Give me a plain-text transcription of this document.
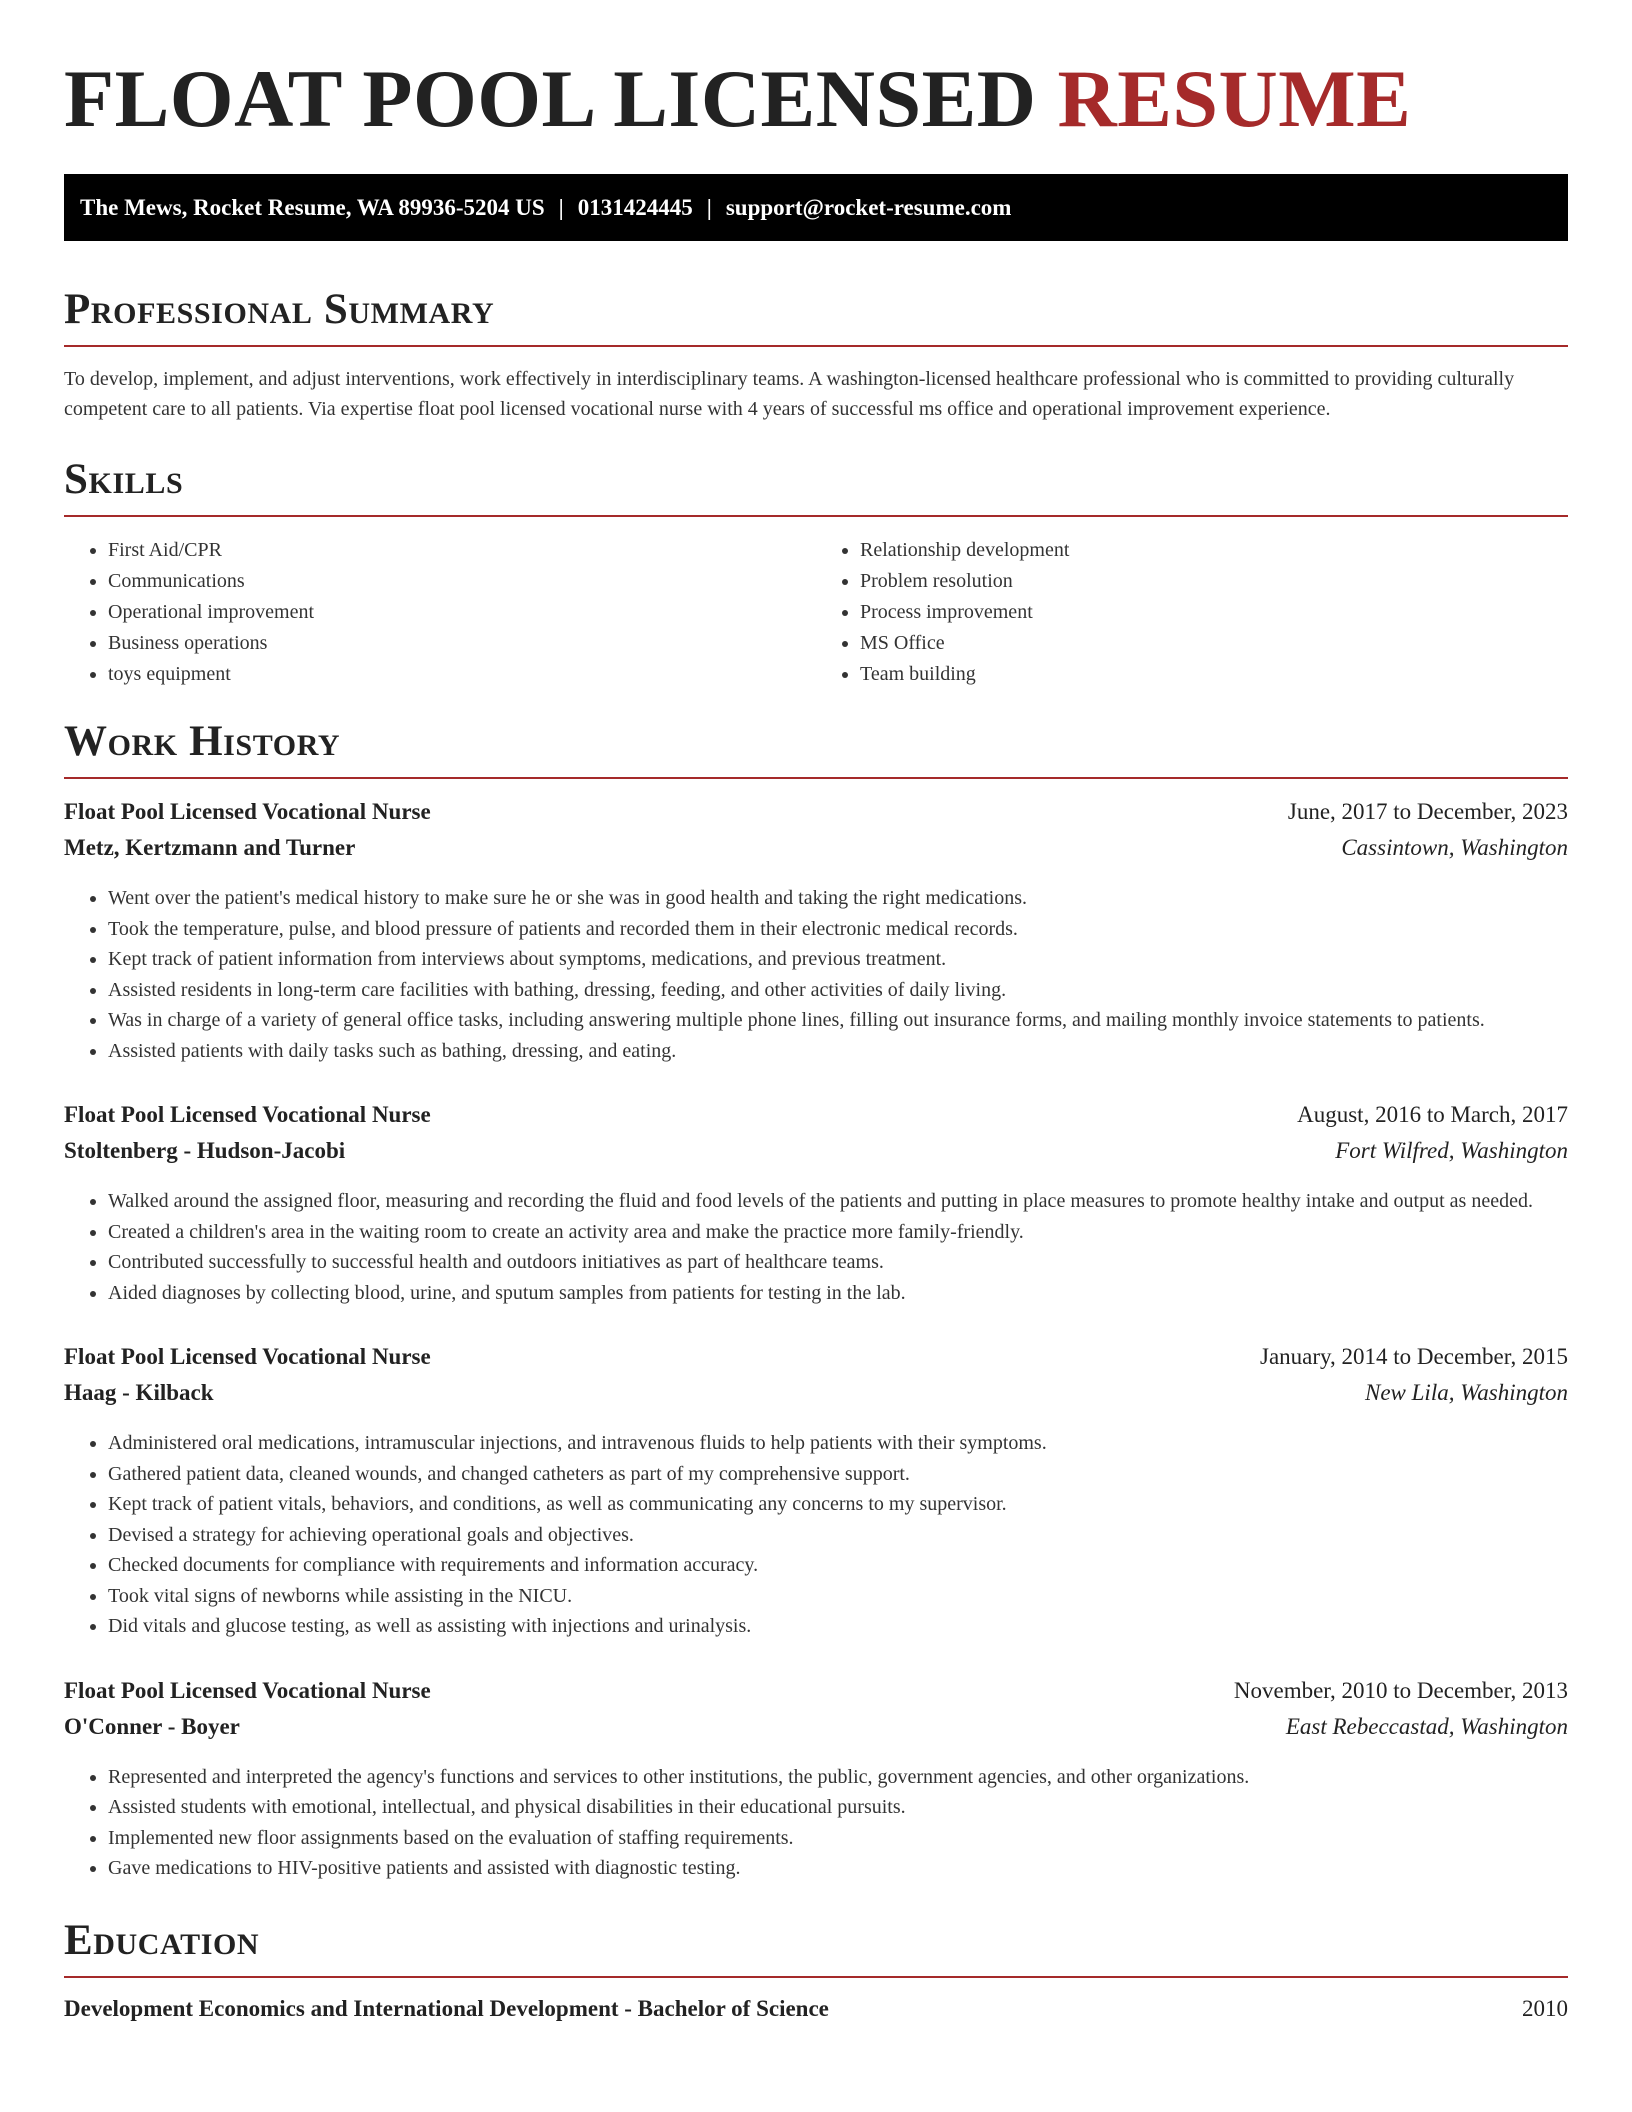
FLOAT POOL LICENSED RESUME
The Mews, Rocket Resume, WA 89936-5204 US | 0131424445 | support@rocket-resume.com
Professional Summary

To develop, implement, and adjust interventions, work effectively in interdisciplinary teams. A washington-licensed healthcare professional who is committed to providing culturally competent care to all patients. Via expertise float pool licensed vocational nurse with 4 years of successful ms office and operational improvement experience.

Skills
• First Aid/CPR
• Communications
• Operational improvement
• Business operations
• toys equipment
• Relationship development
• Problem resolution
• Process improvement
• MS Office
• Team building
Work History
Float Pool Licensed Vocational Nurse	June, 2017 to December, 2023
Metz, Kertzmann and Turner	Cassintown, Washington
• Went over the patient's medical history to make sure he or she was in good health and taking the right medications.
• Took the temperature, pulse, and blood pressure of patients and recorded them in their electronic medical records.
• Kept track of patient information from interviews about symptoms, medications, and previous treatment.
• Assisted residents in long-term care facilities with bathing, dressing, feeding, and other activities of daily living.
• Was in charge of a variety of general office tasks, including answering multiple phone lines, filling out insurance forms, and mailing monthly invoice statements to patients.
• Assisted patients with daily tasks such as bathing, dressing, and eating.
Float Pool Licensed Vocational Nurse	August, 2016 to March, 2017
Stoltenberg - Hudson-Jacobi	Fort Wilfred, Washington
• Walked around the assigned floor, measuring and recording the fluid and food levels of the patients and putting in place measures to promote healthy intake and output as needed.
• Created a children's area in the waiting room to create an activity area and make the practice more family-friendly.
• Contributed successfully to successful health and outdoors initiatives as part of healthcare teams.
• Aided diagnoses by collecting blood, urine, and sputum samples from patients for testing in the lab.
Float Pool Licensed Vocational Nurse	January, 2014 to December, 2015
Haag - Kilback	New Lila, Washington
• Administered oral medications, intramuscular injections, and intravenous fluids to help patients with their symptoms.
• Gathered patient data, cleaned wounds, and changed catheters as part of my comprehensive support.
• Kept track of patient vitals, behaviors, and conditions, as well as communicating any concerns to my supervisor.
• Devised a strategy for achieving operational goals and objectives.
• Checked documents for compliance with requirements and information accuracy.
• Took vital signs of newborns while assisting in the NICU.
• Did vitals and glucose testing, as well as assisting with injections and urinalysis.
Float Pool Licensed Vocational Nurse	November, 2010 to December, 2013
O'Conner - Boyer	East Rebeccastad, Washington
• Represented and interpreted the agency's functions and services to other institutions, the public, government agencies, and other organizations.
• Assisted students with emotional, intellectual, and physical disabilities in their educational pursuits.
• Implemented new floor assignments based on the evaluation of staffing requirements.
• Gave medications to HIV-positive patients and assisted with diagnostic testing.
Education
Development Economics and International Development - Bachelor of Science	2010
